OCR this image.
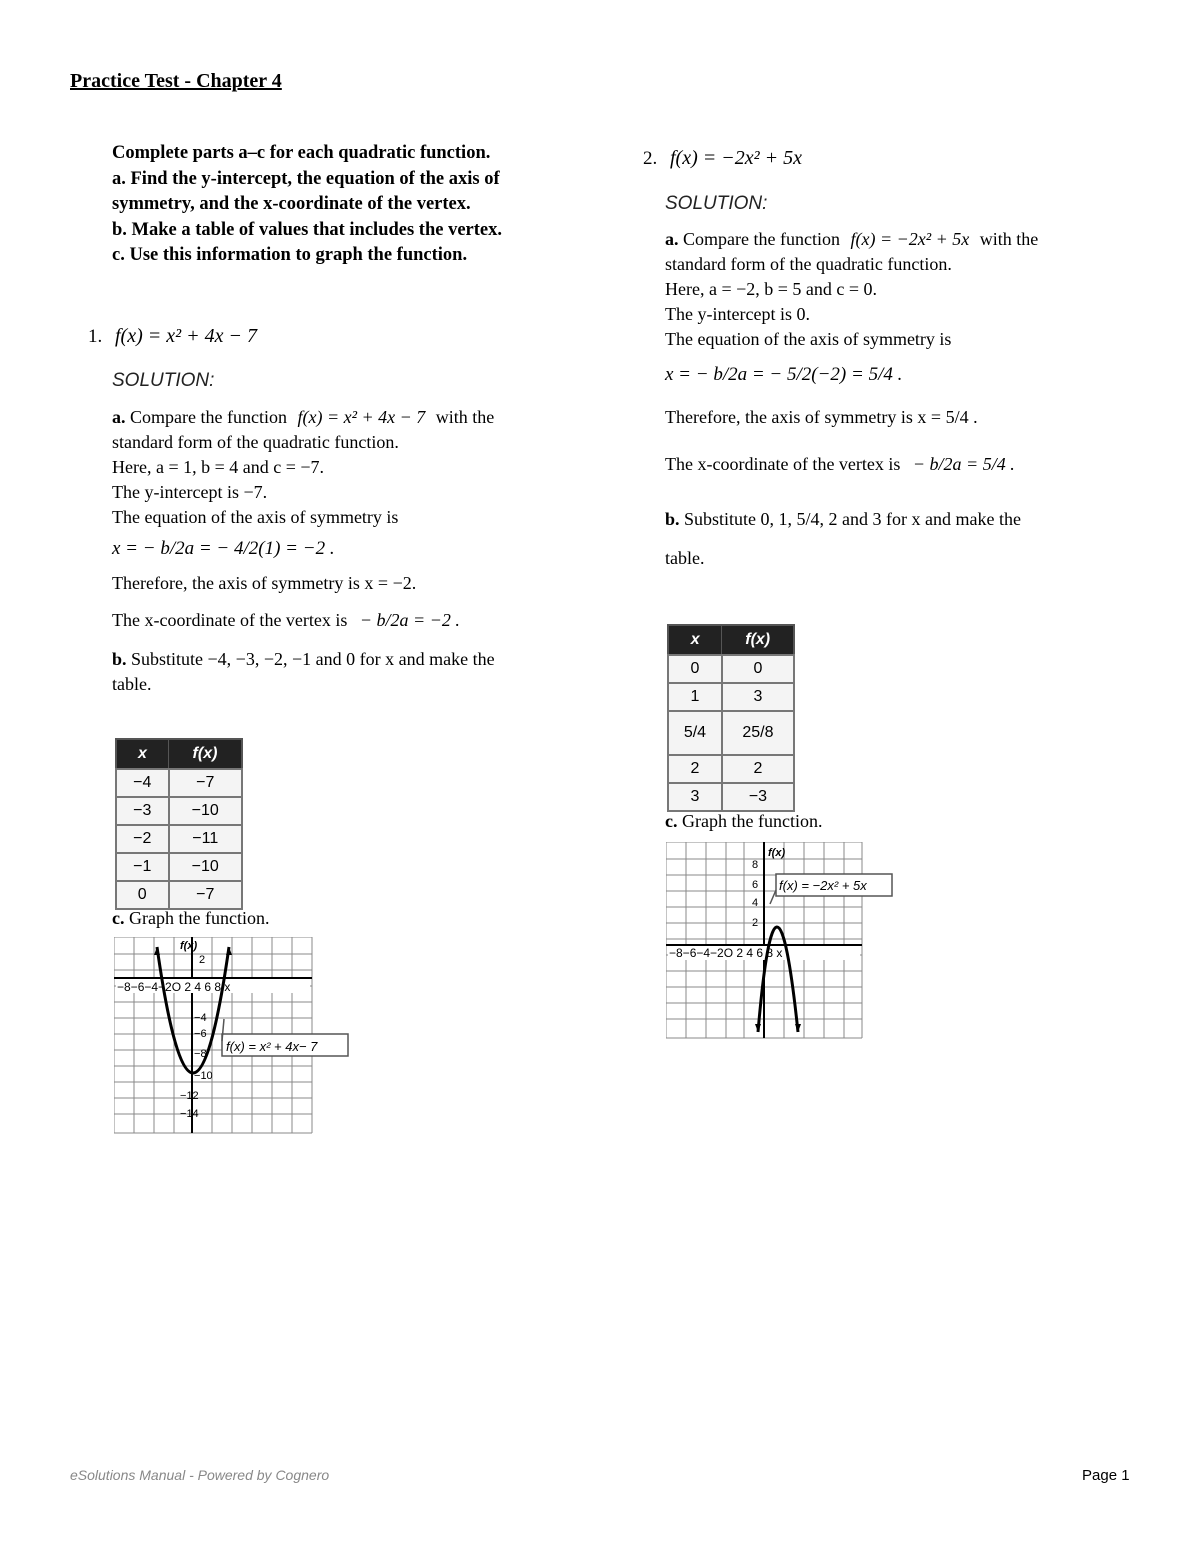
Practice Test - Chapter 4
Complete parts a–c for each quadratic function.
a. Find the y-intercept, the equation of the axis of symmetry, and the x-coordinate of the vertex.
b. Make a table of values that includes the vertex.
c. Use this information to graph the function.
1. f(x) = x² + 4x − 7
SOLUTION:
a. Compare the function f(x) = x² + 4x − 7 with the
standard form of the quadratic function.
Here, a = 1, b = 4 and c = −7.
The y-intercept is −7.
The equation of the axis of symmetry is
x = − b/2a = − 4/2(1) = −2 .
Therefore, the axis of symmetry is x = −2.
The x-coordinate of the vertex is − b/2a = −2 .
b. Substitute −4, −3, −2, −1 and 0 for x and make the
table.
x	f(x)
−4	−7
−3	−10
−2	−11
−1	−10
0	−7
c. Graph the function.
−8−6−4−2O 2 4 6 8 x
f(x)
2
−4
−6
−8
−10
−12
−14
f(x) = x² + 4x− 7
2. f(x) = −2x² + 5x
SOLUTION:
a. Compare the function f(x) = −2x² + 5x with the
standard form of the quadratic function.
Here, a = −2, b = 5 and c = 0.
The y-intercept is 0.
The equation of the axis of symmetry is
x = − b/2a = − 5/2(−2) = 5/4 .
Therefore, the axis of symmetry is x = 5/4 .
The x-coordinate of the vertex is − b/2a = 5/4 .
b. Substitute 0, 1, 5/4, 2 and 3 for x and make the
table.
x	f(x)
0	0
1	3
5/4	25/8
2	2
3	−3
c. Graph the function.
−8−6−4−2O 2 4 6 8 x
f(x)
8
6
4
2
f(x) = −2x² + 5x
eSolutions Manual - Powered by Cognero	Page 1
